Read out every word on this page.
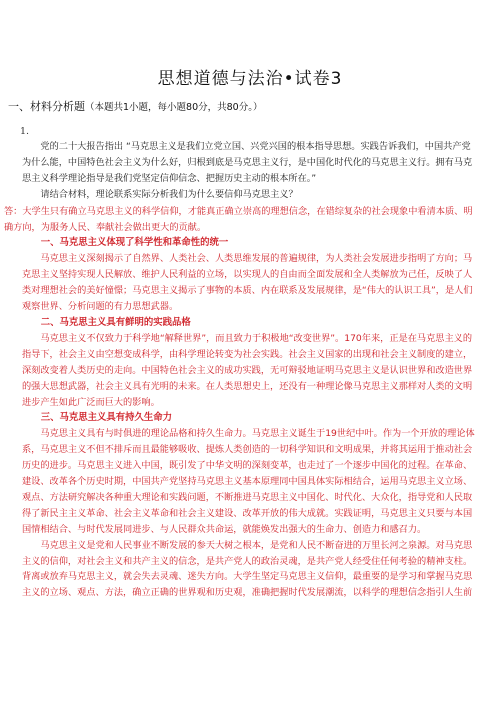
思想道德与法治•试卷3
一、材料分析题（本题共1小题，每小题80分，共80分。）
1.

党的二十大报告指出 “马克思主义是我们立党立国、兴党兴国的根本指导思想。实践告诉我们，中国共产党为什么能，中国特色社会主义为什么好，归根到底是马克思主义行，是中国化时代化的马克思主义行。拥有马克思主义科学理论指导是我们党坚定信仰信念、把握历史主动的根本所在。”

请结合材料，理论联系实际分析我们为什么要信仰马克思主义？

答：大学生只有确立马克思主义的科学信仰，才能真正确立崇高的理想信念，在错综复杂的社会现象中看清本质、明确方向，为服务人民、奉献社会做出更大的贡献。

一、马克思主义体现了科学性和革命性的统一

马克思主义深刻揭示了自然界、人类社会、人类思维发展的普遍规律，为人类社会发展进步指明了方向；马克思主义坚持实现人民解放、维护人民利益的立场，以实现人的自由而全面发展和全人类解放为己任，反映了人类对理想社会的美好憧憬；马克思主义揭示了事物的本质、内在联系及发展规律，是“伟大的认识工具”，是人们观察世界、分析问题的有力思想武器。

二、马克思主义具有鲜明的实践品格

马克思主义不仅致力于科学地“解释世界”，而且致力于积极地“改变世界”。170年来，正是在马克思主义的指导下，社会主义由空想变成科学，由科学理论转变为社会实践。社会主义国家的出现和社会主义制度的建立，深刻改变着人类历史的走向。中国特色社会主义的成功实践，无可辩驳地证明马克思主义是认识世界和改造世界的强大思想武器，社会主义具有光明的未来。在人类思想史上，还没有一种理论像马克思主义那样对人类的文明进步产生如此广泛而巨大的影响。

三、马克思主义具有持久生命力

马克思主义具有与时俱进的理论品格和持久生命力。马克思主义诞生于19世纪中叶。作为一个开放的理论体系，马克思主义不但不排斥而且最能够吸收、提炼人类创造的一切科学知识和文明成果，并将其运用于推动社会历史的进步。马克思主义进入中国，既引发了中华文明的深刻变革，也走过了一个逐步中国化的过程。在革命、建设、改革各个历史时期，中国共产党坚持马克思主义基本原理同中国具体实际相结合，运用马克思主义立场、观点、方法研究解决各种重大理论和实践问题，不断推进马克思主义中国化、时代化、大众化，指导党和人民取得了新民主主义革命、社会主义革命和社会主义建设、改革开放的伟大成就。实践证明，马克思主义只要与本国国情相结合、与时代发展同进步、与人民群众共命运，就能焕发出强大的生命力、创造力和感召力。

马克思主义是党和人民事业不断发展的参天大树之根本，是党和人民不断奋进的万里长河之泉源。对马克思主义的信仰，对社会主义和共产主义的信念，是共产党人的政治灵魂，是共产党人经受住任何考验的精神支柱。背离或放弃马克思主义，就会失去灵魂、迷失方向。大学生坚定马克思主义信仰，最重要的是学习和掌握马克思主义的立场、观点、方法，确立正确的世界观和历史观，准确把握时代发展潮流，以科学的理想信念指引人生前
